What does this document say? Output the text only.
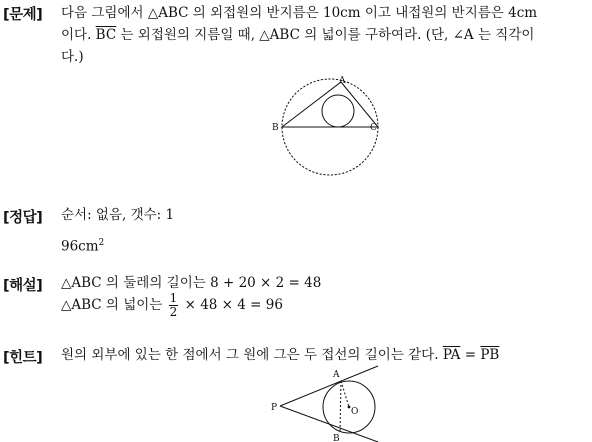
[문제] 다음 그림에서 △ABC 의 외접원의 반지름은 10cm 이고 내접원의 반지름은 4cm
이다. $\overline{BC}$ 는 외접원의 지름일 때, △ABC 의 넓이를 구하여라. (단, ∠A 는 직각이
다.)
A
B	C
[정답] 순서: 없음, 갯수: 1
$96cm^2$
[해설] △ABC 의 둘레의 길이는 8 + 20 × 2 = 48
△ABC 의 넓이는 $\frac{1}{2} \times 48 \times 4 = 96$
[힌트] 원의 외부에 있는 한 점에서 그 원에 그은 두 접선의 길이는 같다. $\overline{PA} = \overline{PB}$
P
A
B
O
